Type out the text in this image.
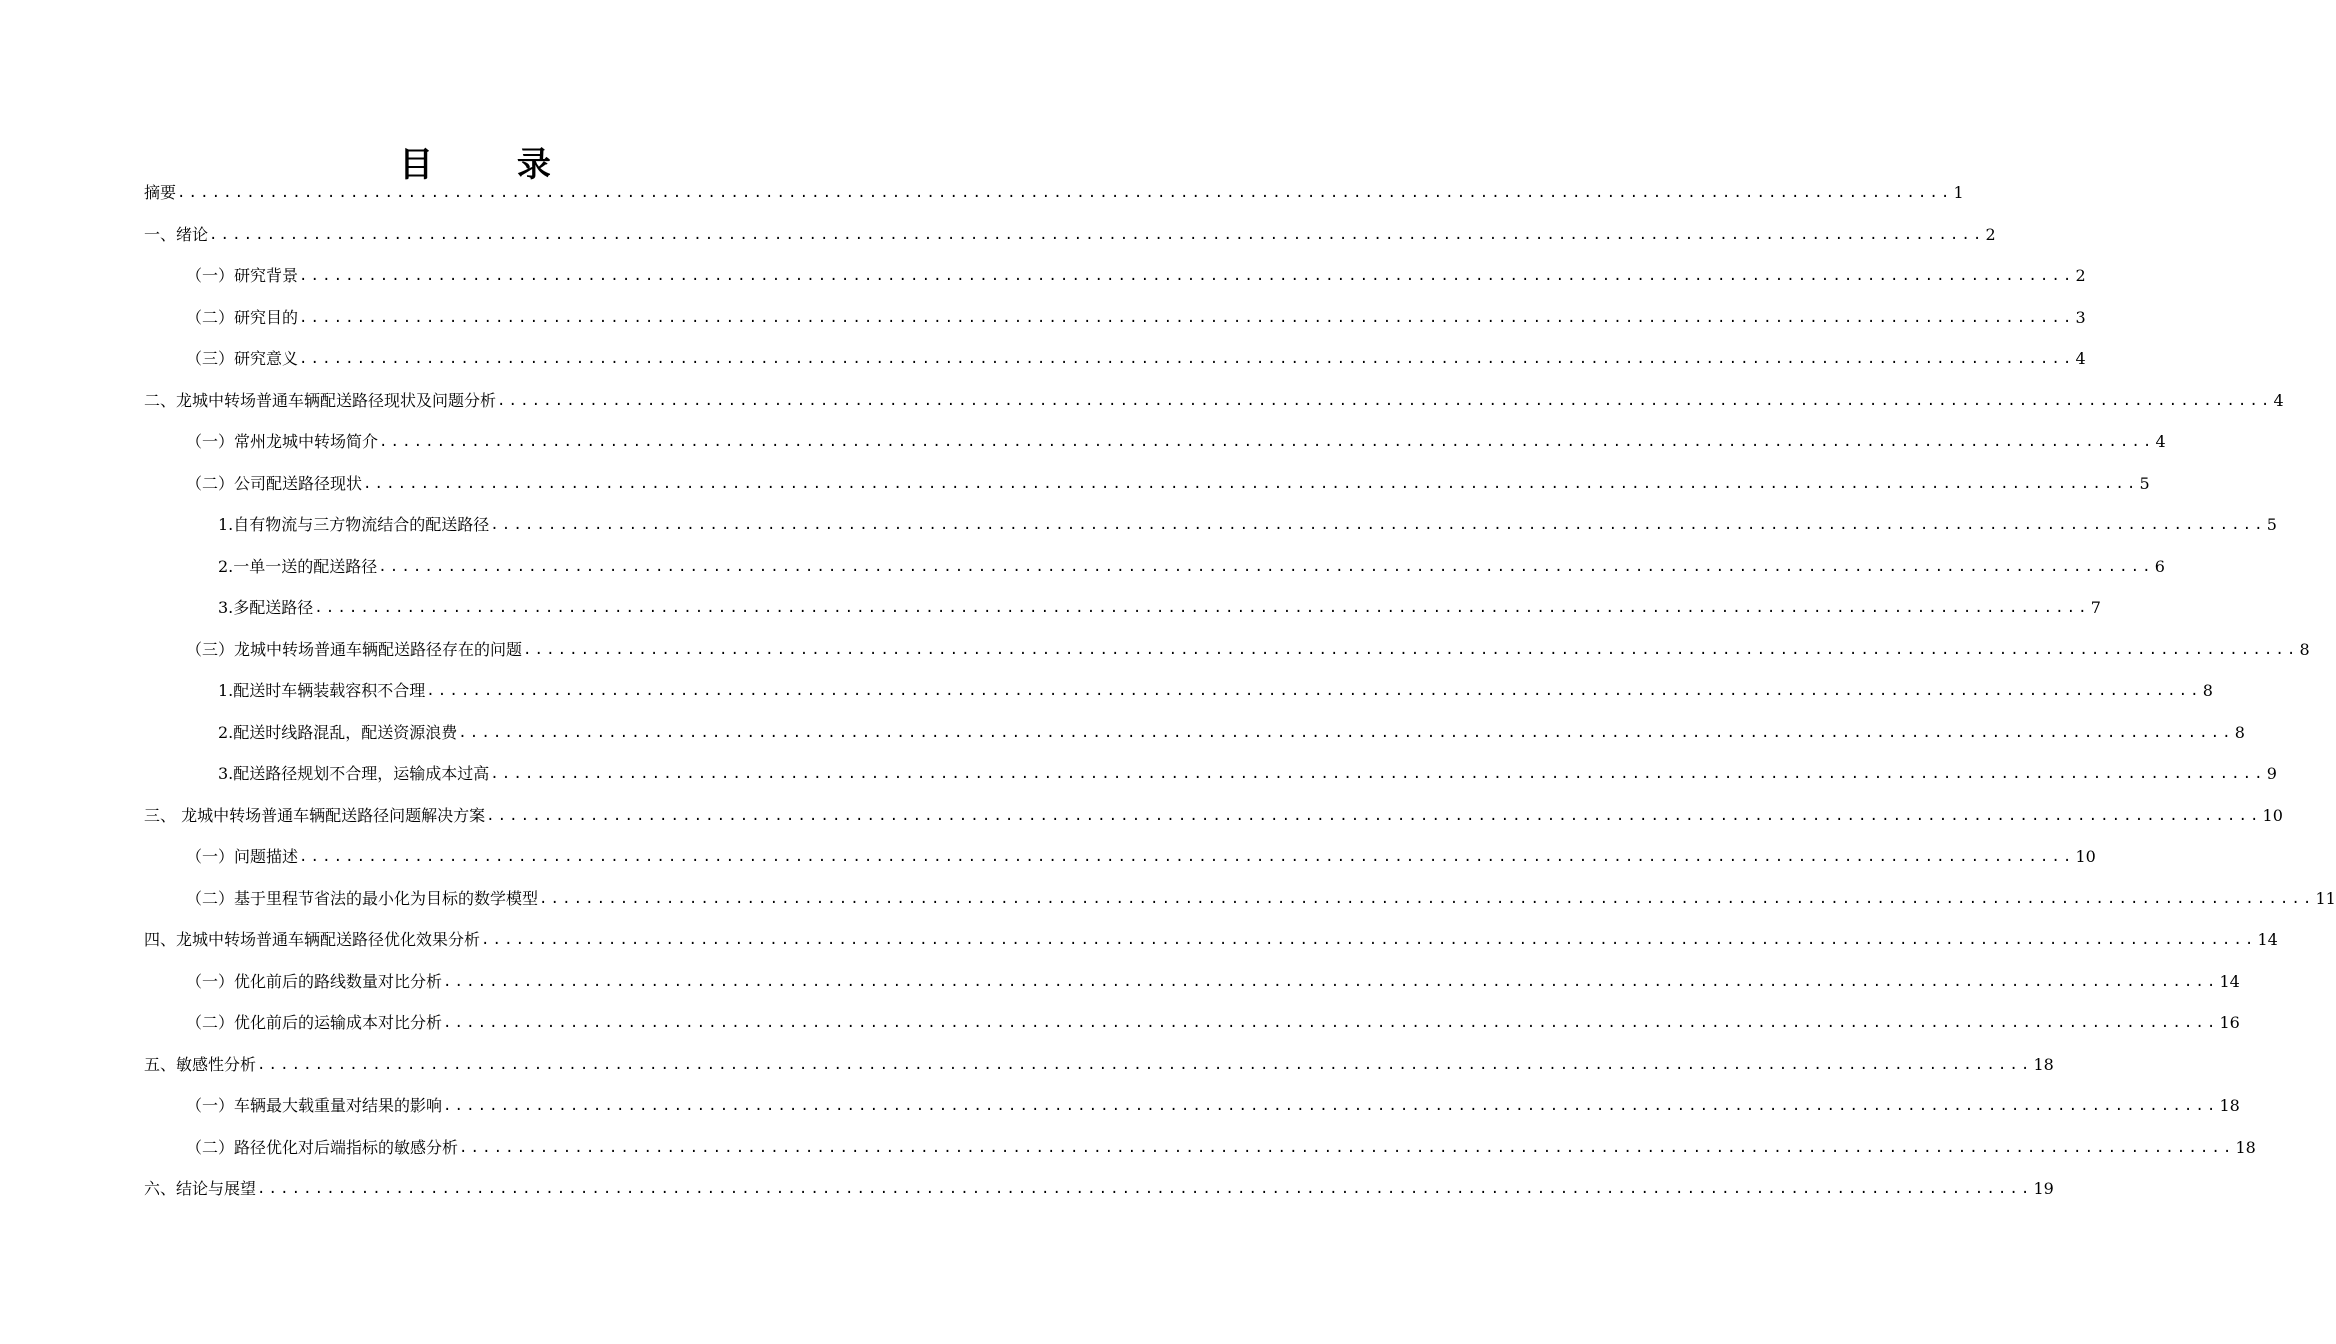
目 录
摘要 .......................................................................................................................................................... 1
一、绪论 .......................................................................................................................................................... 2
（一）研究背景 .......................................................................................................................................................... 2
（二）研究目的 .......................................................................................................................................................... 3
（三）研究意义 .......................................................................................................................................................... 4
二、龙城中转场普通车辆配送路径现状及问题分析 .......................................................................................................................................................... 4
（一）常州龙城中转场简介 .......................................................................................................................................................... 4
（二）公司配送路径现状 .......................................................................................................................................................... 5
1.自有物流与三方物流结合的配送路径 .......................................................................................................................................................... 5
2.一单一送的配送路径 .......................................................................................................................................................... 6
3.多配送路径 .......................................................................................................................................................... 7
（三）龙城中转场普通车辆配送路径存在的问题 .......................................................................................................................................................... 8
1.配送时车辆装载容积不合理 .......................................................................................................................................................... 8
2.配送时线路混乱，配送资源浪费 .......................................................................................................................................................... 8
3.配送路径规划不合理，运输成本过高 .......................................................................................................................................................... 9
三、 龙城中转场普通车辆配送路径问题解决方案 .......................................................................................................................................................... 10
（一）问题描述 .......................................................................................................................................................... 10
（二）基于里程节省法的最小化为目标的数学模型 .......................................................................................................................................................... 11
四、龙城中转场普通车辆配送路径优化效果分析 .......................................................................................................................................................... 14
（一）优化前后的路线数量对比分析 .......................................................................................................................................................... 14
（二）优化前后的运输成本对比分析 .......................................................................................................................................................... 16
五、敏感性分析 .......................................................................................................................................................... 18
（一）车辆最大载重量对结果的影响 .......................................................................................................................................................... 18
（二）路径优化对后端指标的敏感分析 .......................................................................................................................................................... 18
六、结论与展望 .......................................................................................................................................................... 19
